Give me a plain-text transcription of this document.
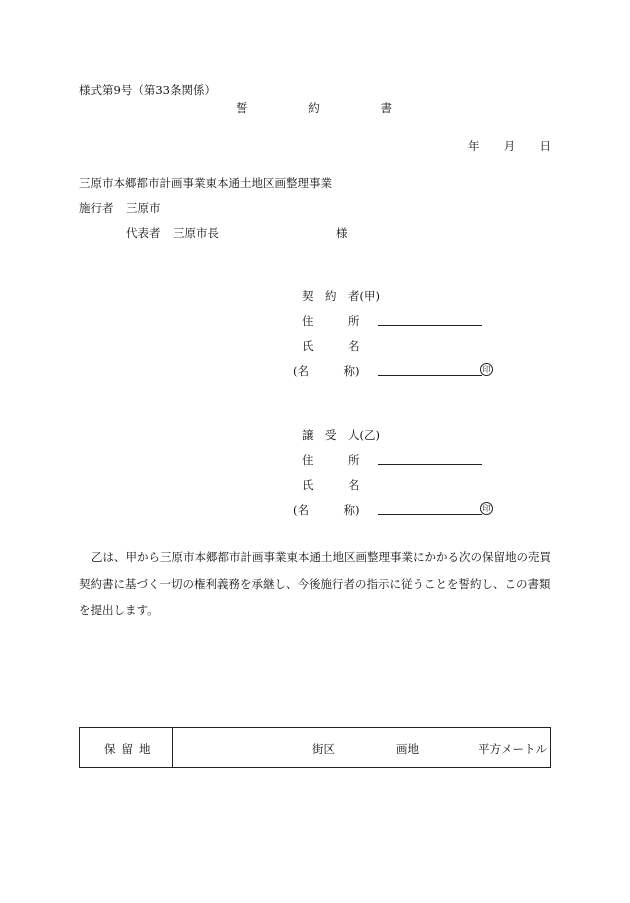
様式第9号（第33条関係）
誓	約	書
年 月 日
三原市本郷都市計画事業東本通土地区画整理事業
施行者 三原市
代表者 三原市長	様
契　約　者(甲)
住　　　所
氏　　　名
(名　　　称)	印
譲　受　人(乙)
住　　　所
氏　　　名
(名　　　称)	印
乙は、甲から三原市本郷都市計画事業東本通土地区画整理事業にかかる次の保留地の売買契約書に基づく一切の権利義務を承継し、今後施行者の指示に従うことを誓約し、この書類を提出します。
保留地	街区	画地	平方メートル
